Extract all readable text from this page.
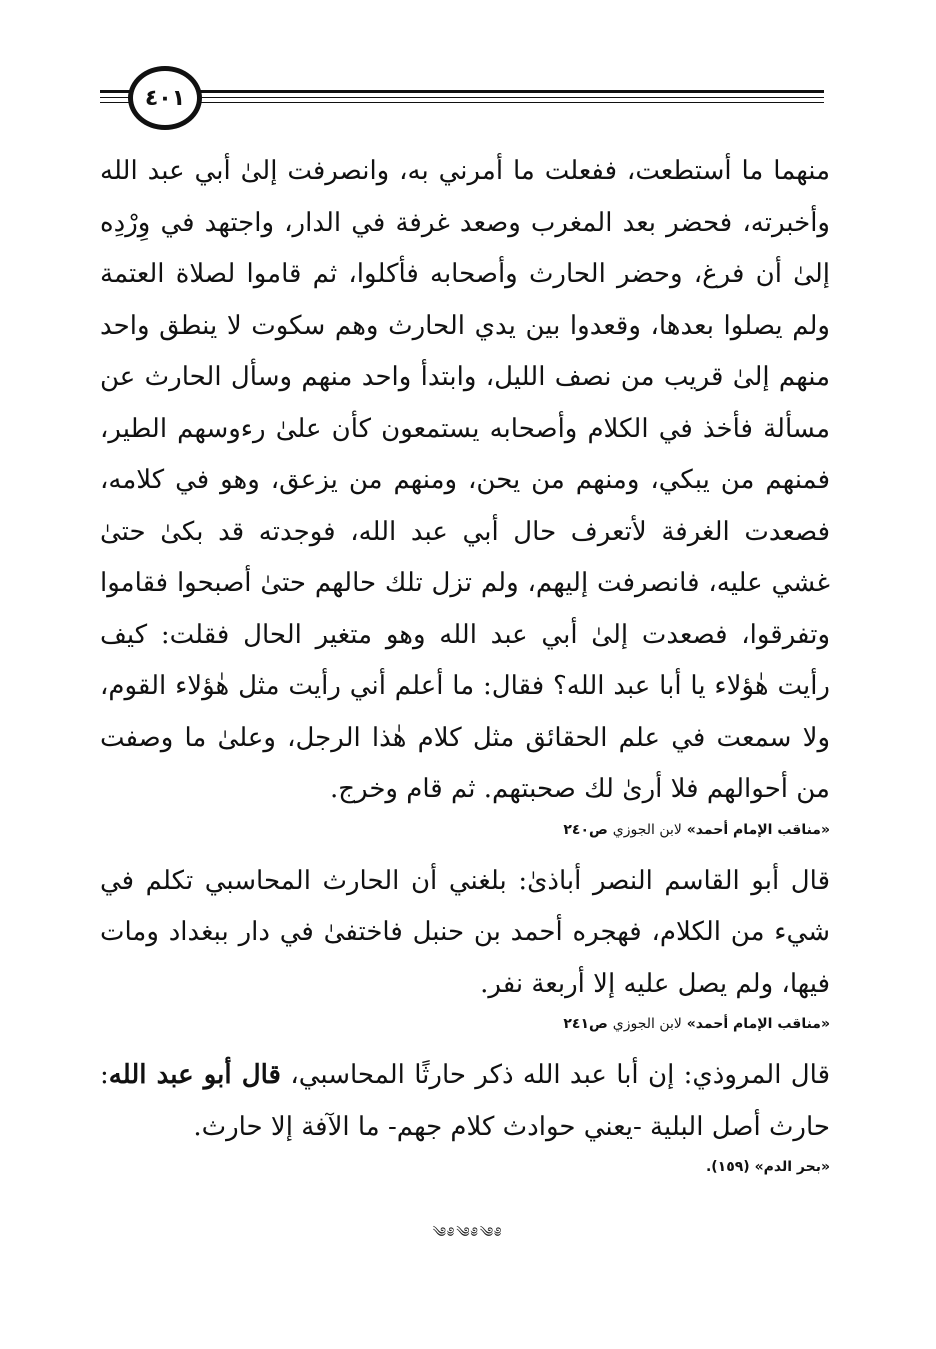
٤٠١

منهما ما أستطعت، ففعلت ما أمرني به، وانصرفت إلىٰ أبي عبد الله وأخبرته، فحضر بعد المغرب وصعد غرفة في الدار، واجتهد في وِرْدِه إلىٰ أن فرغ، وحضر الحارث وأصحابه فأكلوا، ثم قاموا لصلاة العتمة ولم يصلوا بعدها، وقعدوا بين يدي الحارث وهم سكوت لا ينطق واحد منهم إلىٰ قريب من نصف الليل، وابتدأ واحد منهم وسأل الحارث عن مسألة فأخذ في الكلام وأصحابه يستمعون كأن علىٰ رءوسهم الطير، فمنهم من يبكي، ومنهم من يحن، ومنهم من يزعق، وهو في كلامه، فصعدت الغرفة لأتعرف حال أبي عبد الله، فوجدته قد بكىٰ حتىٰ غشي عليه، فانصرفت إليهم، ولم تزل تلك حالهم حتىٰ أصبحوا فقاموا وتفرقوا، فصعدت إلىٰ أبي عبد الله وهو متغير الحال فقلت: كيف رأيت هٰؤلاء يا أبا عبد الله؟ فقال: ما أعلم أني رأيت مثل هٰؤلاء القوم، ولا سمعت في علم الحقائق مثل كلام هٰذا الرجل، وعلىٰ ما وصفت من أحوالهم فلا أرىٰ لك صحبتهم. ثم قام وخرج.

«مناقب الإمام أحمد» لابن الجوزي ص٢٤٠

قال أبو القاسم النصر أباذىٰ: بلغني أن الحارث المحاسبي تكلم في شيء من الكلام، فهجره أحمد بن حنبل فاختفىٰ في دار ببغداد ومات فيها، ولم يصل عليه إلا أربعة نفر.

«مناقب الإمام أحمد» لابن الجوزي ص٢٤١

قال المروذي: إن أبا عبد الله ذكر حارثًا المحاسبي، قال أبو عبد الله: حارث أصل البلية -يعني حوادث كلام جهم- ما الآفة إلا حارث.

«بحر الدم» (١٥٩).
༄༅༄༅༄༅
